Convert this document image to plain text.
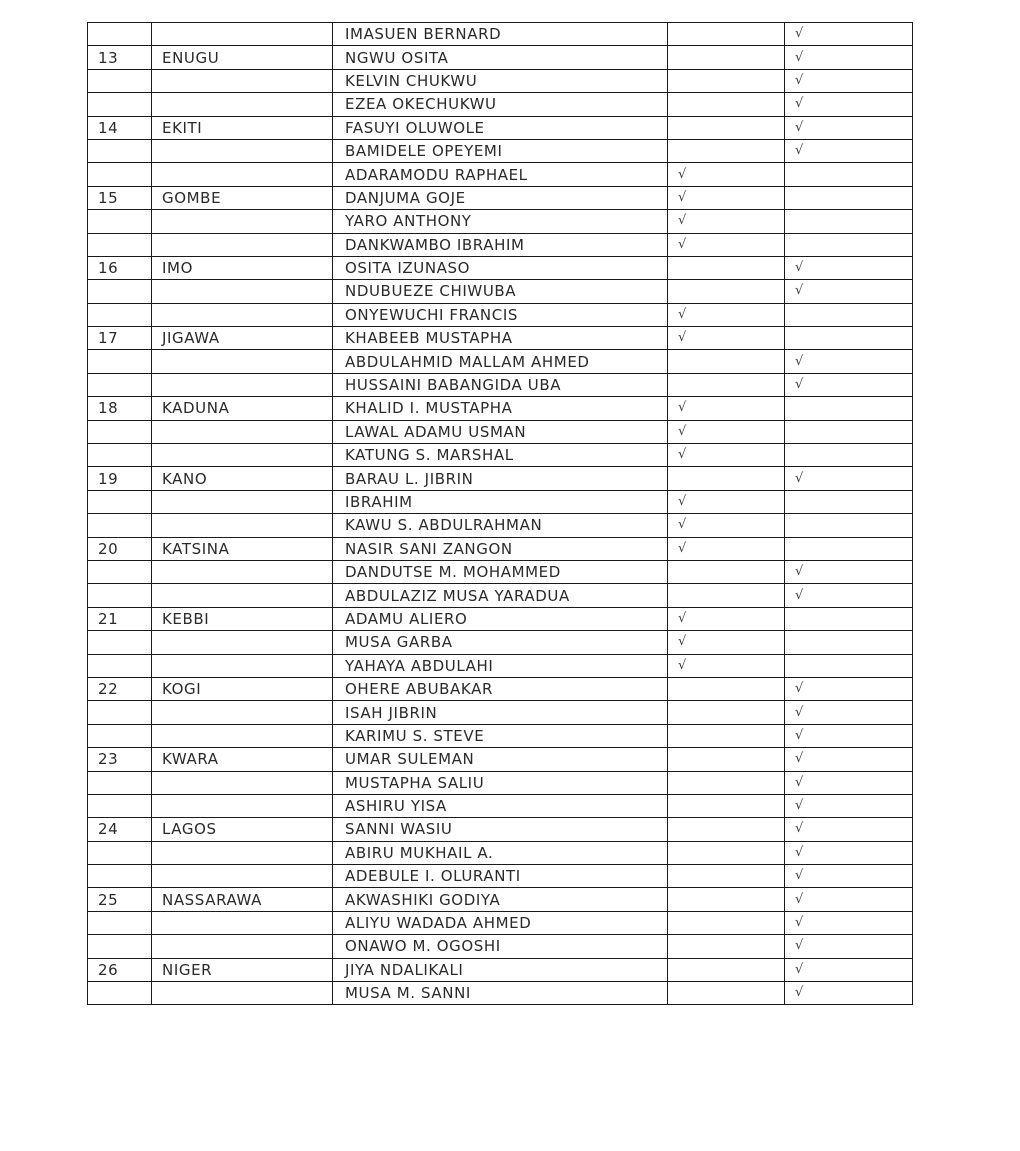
		IMASUEN BERNARD		√
13	ENUGU	NGWU OSITA		√
		KELVIN CHUKWU		√
		EZEA OKECHUKWU		√
14	EKITI	FASUYI OLUWOLE		√
		BAMIDELE OPEYEMI		√
		ADARAMODU RAPHAEL	√	
15	GOMBE	DANJUMA GOJE	√	
		YARO ANTHONY	√	
		DANKWAMBO IBRAHIM	√	
16	IMO	OSITA IZUNASO		√
		NDUBUEZE CHIWUBA		√
		ONYEWUCHI FRANCIS	√	
17	JIGAWA	KHABEEB MUSTAPHA	√	
		ABDULAHMID MALLAM AHMED		√
		HUSSAINI BABANGIDA UBA		√
18	KADUNA	KHALID I. MUSTAPHA	√	
		LAWAL ADAMU USMAN	√	
		KATUNG S. MARSHAL	√	
19	KANO	BARAU L. JIBRIN		√
		IBRAHIM	√	
		KAWU S. ABDULRAHMAN	√	
20	KATSINA	NASIR SANI ZANGON	√	
		DANDUTSE M. MOHAMMED		√
		ABDULAZIZ MUSA YARADUA		√
21	KEBBI	ADAMU ALIERO	√	
		MUSA GARBA	√	
		YAHAYA ABDULAHI	√	
22	KOGI	OHERE ABUBAKAR		√
		ISAH JIBRIN		√
		KARIMU S. STEVE		√
23	KWARA	UMAR SULEMAN		√
		MUSTAPHA SALIU		√
		ASHIRU YISA		√
24	LAGOS	SANNI WASIU		√
		ABIRU MUKHAIL A.		√
		ADEBULE I. OLURANTI		√
25	NASSARAWA	AKWASHIKI GODIYA		√
		ALIYU WADADA AHMED		√
		ONAWO M. OGOSHI		√
26	NIGER	JIYA NDALIKALI		√
		MUSA M. SANNI		√
